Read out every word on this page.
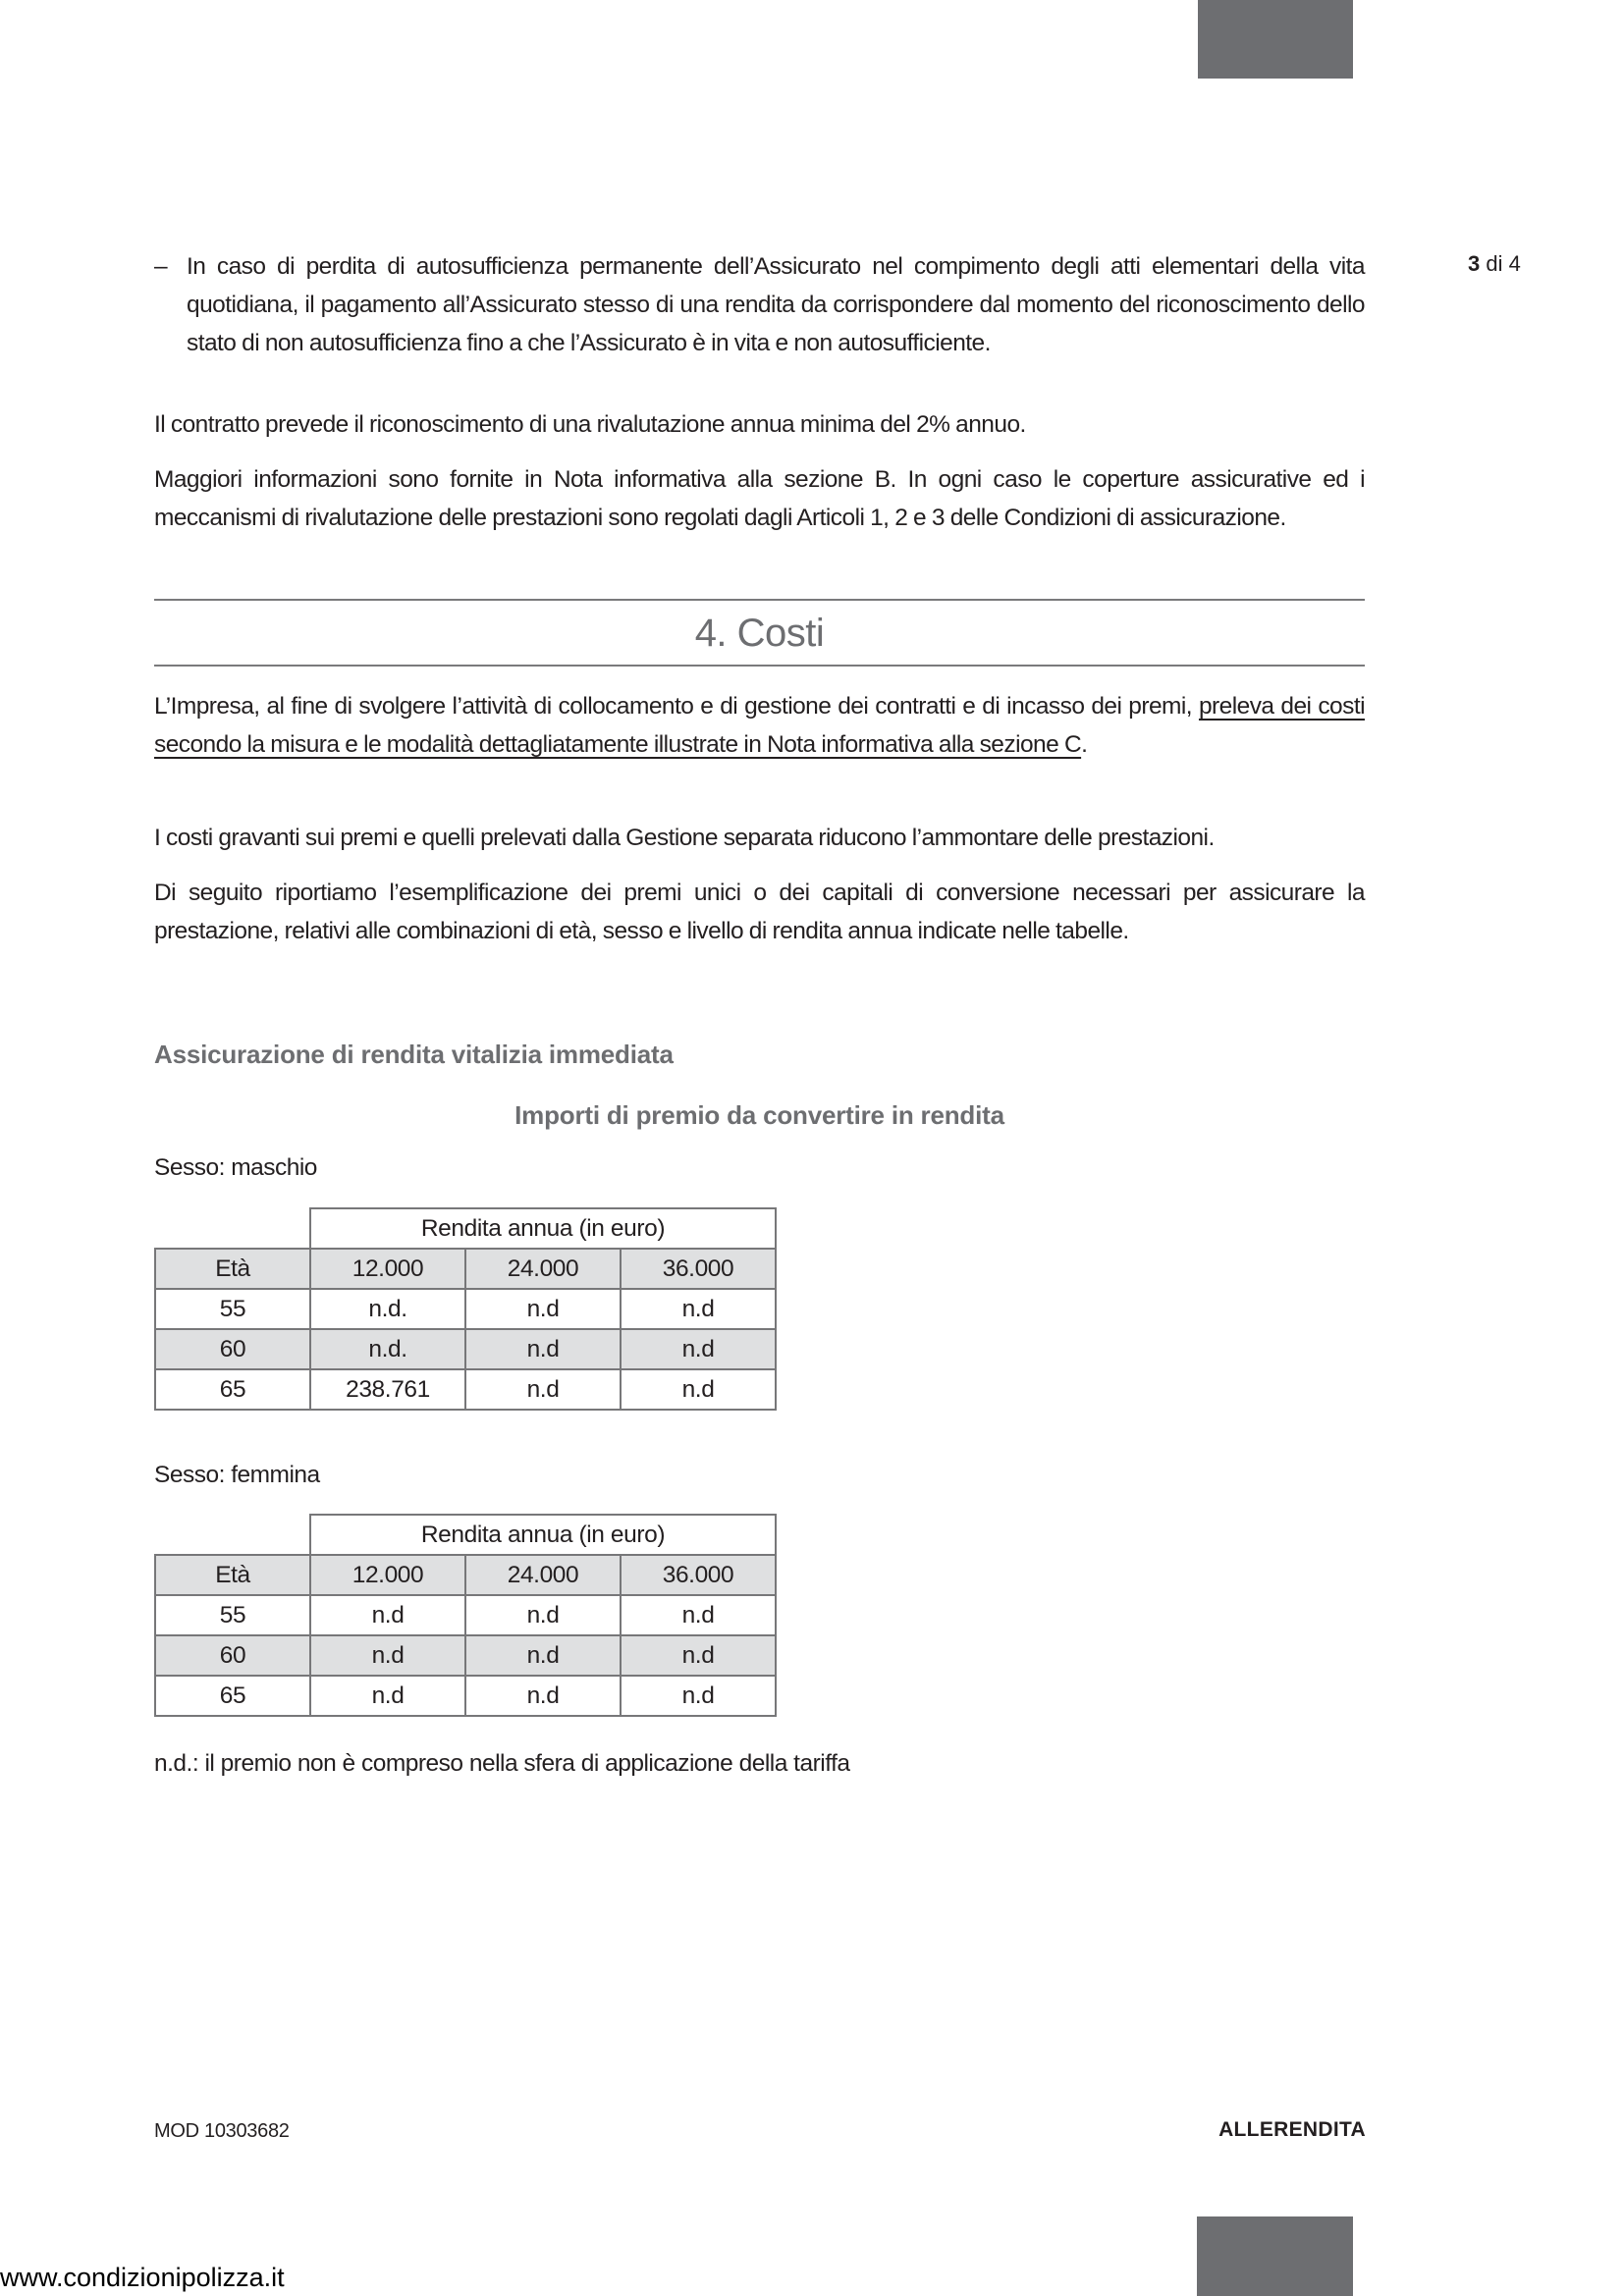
3 di 4
– In caso di perdita di autosufficienza permanente dell’Assicurato nel compimento degli atti elementari della vita quotidiana, il pagamento all’Assicurato stesso di una rendita da corrispondere dal momento del riconoscimento dello stato di non autosufficienza fino a che l’Assicurato è in vita e non autosufficiente.
Il contratto prevede il riconoscimento di una rivalutazione annua minima del 2% annuo.
Maggiori informazioni sono fornite in Nota informativa alla sezione B. In ogni caso le coperture assicurative ed i meccanismi di rivalutazione delle prestazioni sono regolati dagli Articoli 1, 2 e 3 delle Condizioni di assicurazione.
4. Costi
L’Impresa, al fine di svolgere l’attività di collocamento e di gestione dei contratti e di incasso dei premi, preleva dei costi secondo la misura e le modalità dettagliatamente illustrate in Nota informativa alla sezione C.
I costi gravanti sui premi e quelli prelevati dalla Gestione separata riducono l’ammontare delle prestazioni.
Di seguito riportiamo l’esemplificazione dei premi unici o dei capitali di conversione necessari per assicurare la prestazione, relativi alle combinazioni di età, sesso e livello di rendita annua indicate nelle tabelle.
Assicurazione di rendita vitalizia immediata
Importi di premio da convertire in rendita
Sesso: maschio
	Rendita annua (in euro)		
Età	12.000	24.000	36.000
55	n.d.	n.d	n.d
60	n.d.	n.d	n.d
65	238.761	n.d	n.d
Sesso: femmina
	Rendita annua (in euro)		
Età	12.000	24.000	36.000
55	n.d	n.d	n.d
60	n.d	n.d	n.d
65	n.d	n.d	n.d
n.d.: il premio non è compreso nella sfera di applicazione della tariffa
MOD 10303682	ALLERENDITA
www.condizionipolizza.it
